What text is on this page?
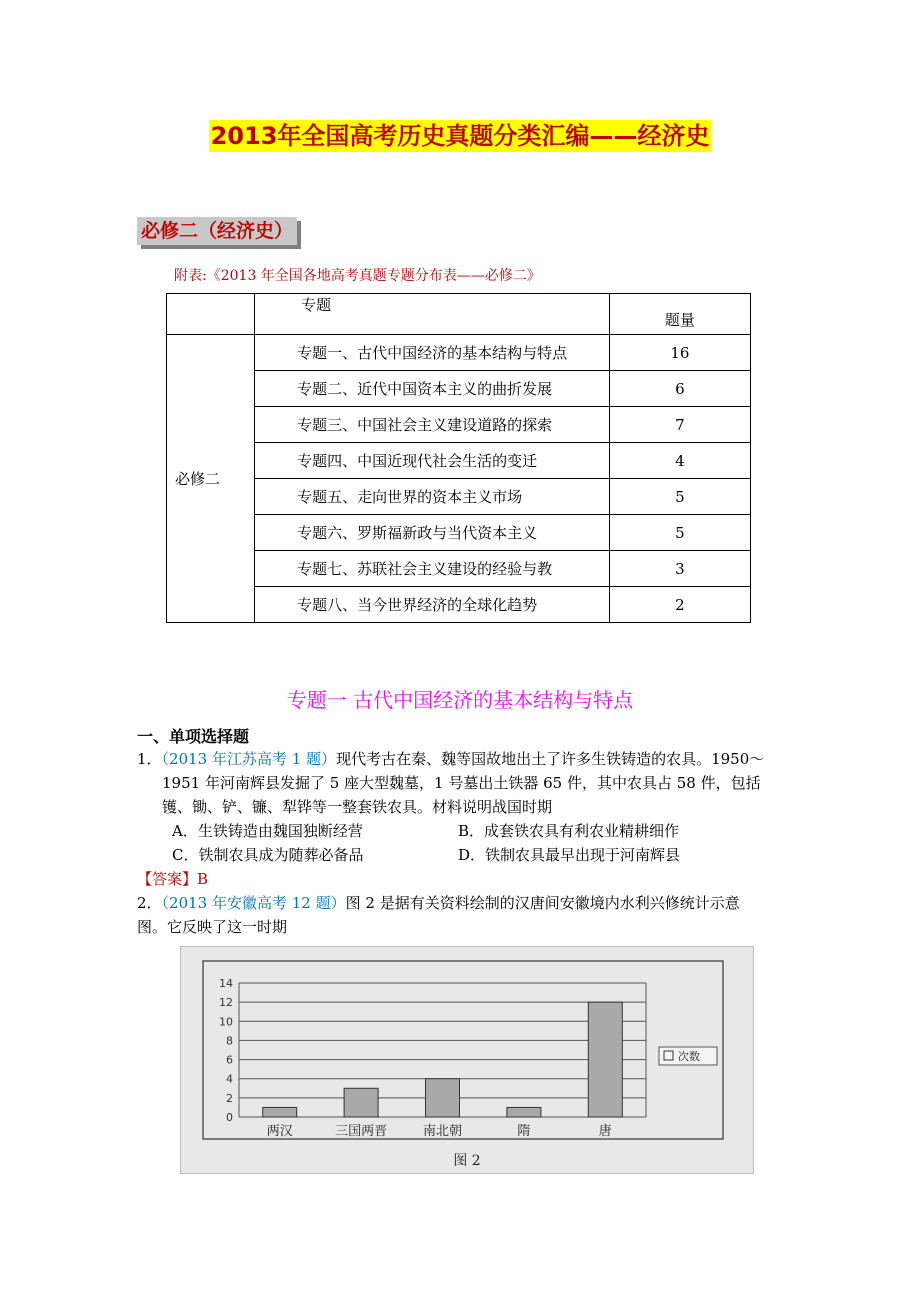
2013年全国高考历史真题分类汇编——经济史
必修二（经济史）
附表:《2013 年全国各地高考真题专题分布表——必修二》
	专题	题量
必修二	专题一、古代中国经济的基本结构与特点	16
	专题二、近代中国资本主义的曲折发展	6
	专题三、中国社会主义建设道路的探索	7
	专题四、中国近现代社会生活的变迁	4
	专题五、走向世界的资本主义市场	5
	专题六、罗斯福新政与当代资本主义	5
	专题七、苏联社会主义建设的经验与教	3
	专题八、当今世界经济的全球化趋势	2
专题一 古代中国经济的基本结构与特点
一、单项选择题
1．（2013 年江苏高考 1 题）现代考古在秦、魏等国故地出土了许多生铁铸造的农具。1950～
1951 年河南辉县发掘了 5 座大型魏墓，1 号墓出土铁器 65 件，其中农具占 58 件，包括
镬、锄、铲、镰、犁铧等一整套铁农具。材料说明战国时期
A．生铁铸造由魏国独断经营	B．成套铁农具有利农业精耕细作
C．铁制农具成为随葬必备品	D．铁制农具最早出现于河南辉县
【答案】B
2．（2013 年安徽高考 12 题）图 2 是据有关资料绘制的汉唐间安徽境内水利兴修统计示意
图。它反映了这一时期
0
2
4
6
8
10
12
14
两汉	三国两晋	南北朝	隋	唐
次数
图 2
